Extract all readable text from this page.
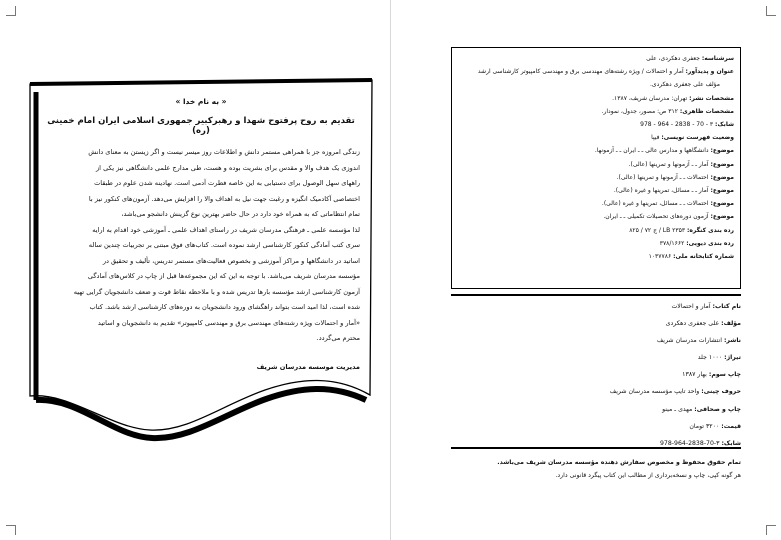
« به نام خدا »
تقدیم به روح پرفتوح شهدا و رهبرکبیر جمهوری اسلامی ایران امام خمینی (ره)

زندگی امروزه جز با همراهی مستمر دانش و اطلاعات روز میسر نیست و اگر زیستن به معنای دانش

اندوزی یک هدف والا و مقدس برای بشریت بوده و هست، طی مدارج علمی دانشگاهی نیز یکی از

راههای سهل الوصول برای دستیابی به این خاصه فطرت آدمی است. نهادینه شدن علوم در طبقات

اختصاصی آکادمیک انگیزه و رغبت جهت نیل به اهداف والا را افزایش می‌دهد. آزمون‌های کنکور نیز با

تمام انتظاماتی که به همراه خود دارد در حال حاضر بهترین نوع گزینش دانشجو می‌باشد،

لذا مؤسسه علمی ـ فرهنگی مدرسان شریف در راستای اهداف علمی ـ آموزشی خود اقدام به ارایه

سری کتب آمادگی کنکور کارشناسی ارشد نموده است. کتاب‌های فوق مبتنی بر تجربیات چندین ساله

اساتید در دانشگاهها و مراکز آموزشی و بخصوص فعالیت‌های مستمر تدریس، تألیف و تحقیق در

مؤسسه مدرسان شریف می‌باشد. با توجه به این که این مجموعه‌ها قبل از چاپ در کلاس‌های آمادگی

آزمون کارشناسی ارشد مؤسسه بارها تدریس شده و با ملاحظه نقاط قوت و ضعف دانشجویان گرایی تهیه

شده است، لذا امید است بتواند راهگشای ورود دانشجویان به دوره‌های کارشناسی ارشد باشد. کتاب

«آمار و احتمالات ویژه رشته‌های مهندسی برق و مهندسی کامپیوتر» تقدیم به دانشجویان و اساتید

محترم می‌گردد.

مدیریت موسسه مدرسان شریف
سرشناسه: جعفری دهکردی، علی
عنوان و پدیدآور: آمار و احتمالات / ویژه رشته‌های مهندسی برق و مهندسی کامپیوتر کارشناسی ارشد
مؤلف علی جعفری دهکردی.
مشخصات نشر: تهران: مدرسان شریف، ۱۳۸۷.
مشخصات ظاهری: ۳۱۲ ص: مصور، جدول، نمودار.
شابک: ۳ - 70 - 2838 - 964 - 978
وضعیت فهرست نویسی: فیپا
موضوع: دانشگاهها و مدارس عالی ـ ـ ایران ـ ـ آزمونها.
موضوع: آمار ـ ـ آزمونها و تمرینها (عالی).
موضوع: احتمالات ـ ـ آزمونها و تمرینها (عالی).
موضوع: آمار ـ ـ مسائل، تمرینها و غیره (عالی).
موضوع: احتمالات ـ ـ مسائل، تمرینها و غیره (عالی).
موضوع: آزمون دوره‌های تحصیلات تکمیلی ـ ـ ایران.
رده بندی کنگره: LB ۲۳۵۳ / ج ۷۲ / ۸۲۵
رده بندی دیویی: ۳۷۸/۱۶۶۲
شماره کتابخانه ملی: ۱۰۳۷۷۸۶
نام کتاب: آمار و احتمالات
مؤلف: علی جعفری دهکردی
ناشر: انتشارات مدرسان شریف
تیراژ: ۱۰۰۰ جلد
چاپ سوم: بهار ۱۳۸۷
حروف چینی: واحد تایپ مؤسسه مدرسان شریف
چاپ و صحافی: مهدی ـ مینو
قیمت: ۳۲۰۰ تومان
شابک: ۳-70-2838-964-978
تمام حقوق محفوظ و مخصوص سفارش دهنده مؤسسه مدرسان شریف می‌باشد.
هر گونه کپی، چاپ و نسخه‌برداری از مطالب این کتاب پیگرد قانونی دارد.
